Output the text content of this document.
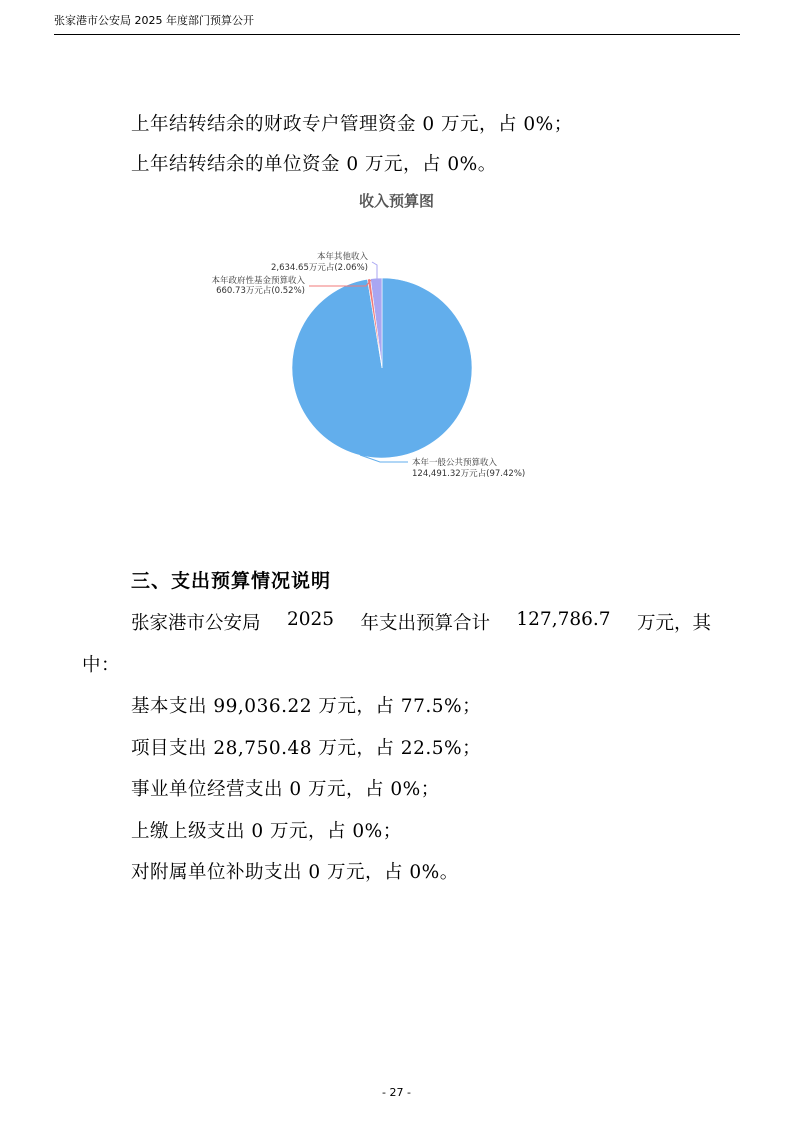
张家港市公安局 2025 年度部门预算公开
上年结转结余的财政专户管理资金 0 万元，占 0%；
上年结转结余的单位资金 0 万元，占 0%。
收入预算图
本年一般公共预算收入
124,491.32万元占(97.42%)
本年其他收入
2,634.65万元占(2.06%)
本年政府性基金预算收入
660.73万元占(0.52%)
三、支出预算情况说明
张家港市公安局 2025 年支出预算合计 127,786.7 万元，其
中：
基本支出 99,036.22 万元，占 77.5%；
项目支出 28,750.48 万元，占 22.5%；
事业单位经营支出 0 万元，占 0%；
上缴上级支出 0 万元，占 0%；
对附属单位补助支出 0 万元，占 0%。
- 27 -
